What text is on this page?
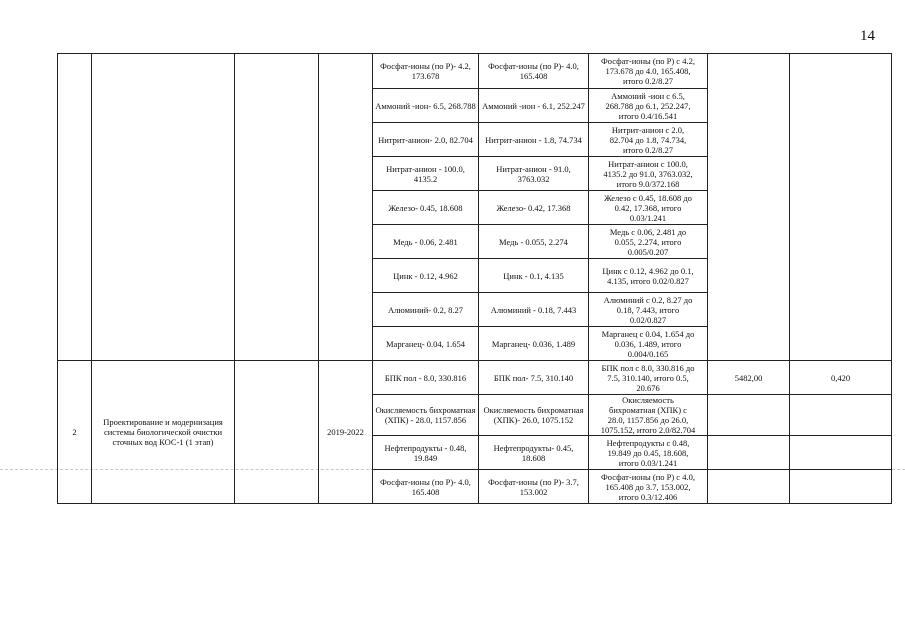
14
				Фосфат-ионы (по Р)- 4.2, 173.678	Фосфат-ионы (по Р)- 4.0, 165.408	Фосфат-ионы (по Р) с 4.2,
173.678 до 4.0, 165.408,
итого 0.2/8.27		

				Аммоний -ион- 6.5, 268.788	Аммоний -ион - 6.1, 252.247	Аммоний -ион с 6.5,
268.788 до 6.1, 252.247,
итого 0.4/16.541		

				Нитрит-анион- 2.0, 82.704	Нитрит-анион - 1.8, 74.734	Нитрит-анион с 2.0,
82.704 до 1.8, 74.734,
итого 0.2/8.27		

				Нитрат-анион - 100.0, 4135.2	Нитрат-анион - 91.0, 3763.032	Нитрат-анион с 100.0,
4135.2 до 91.0, 3763.032,
итого 9.0/372.168		

				Железо- 0.45, 18.608	Железо- 0.42, 17.368	Железо с 0.45, 18.608 до
0.42, 17.368, итого
0.03/1.241		

				Медь - 0.06, 2.481	Медь - 0.055, 2.274	Медь с 0.06, 2.481 до
0.055, 2.274, итого
0.005/0.207		

				Цинк - 0.12, 4.962	Цинк - 0.1, 4.135	Цинк с 0.12, 4.962 до 0.1,
4.135, итого 0.02/0.827		

				Алюминий- 0.2, 8.27	Алюминий - 0.18, 7.443	Алюминий с 0.2, 8.27 до
0.18, 7.443, итого
0.02/0.827		

				Марганец- 0.04, 1.654	Марганец- 0.036, 1.489	Марганец с 0.04, 1.654 до
0.036, 1.489, итого
0.004/0.165		

2	Проектирование и модернизация системы биологической очистки сточных вод КОС-1 (1 этап)		2019-2022	БПК пол - 8.0, 330.816	БПК пол- 7.5, 310.140	БПК пол с 8.0, 330.816 до
7.5, 310.140, итого 0.5,
20.676	5482,00	0,420
				Окисляемость бихроматная (ХПК) - 28.0, 1157.856	Окисляемость бихроматная (ХПК)- 26.0, 1075.152	Окисляемость
бихроматная (ХПК) с
28.0, 1157.856 до 26.0,
1075.152, итого 2.0/82.704		

				Нефтепродукты - 0.48, 19.849	Нефтепродукты- 0.45, 18.608	Нефтепродукты с 0.48,
19.849 до 0.45, 18.608,
итого 0.03/1.241		

				Фосфат-ионы (по Р)- 4.0, 165.408	Фосфат-ионы (по Р)- 3.7, 153.002	Фосфат-ионы (по Р) с 4.0,
165.408 до 3.7, 153.002,
итого 0.3/12.406		
